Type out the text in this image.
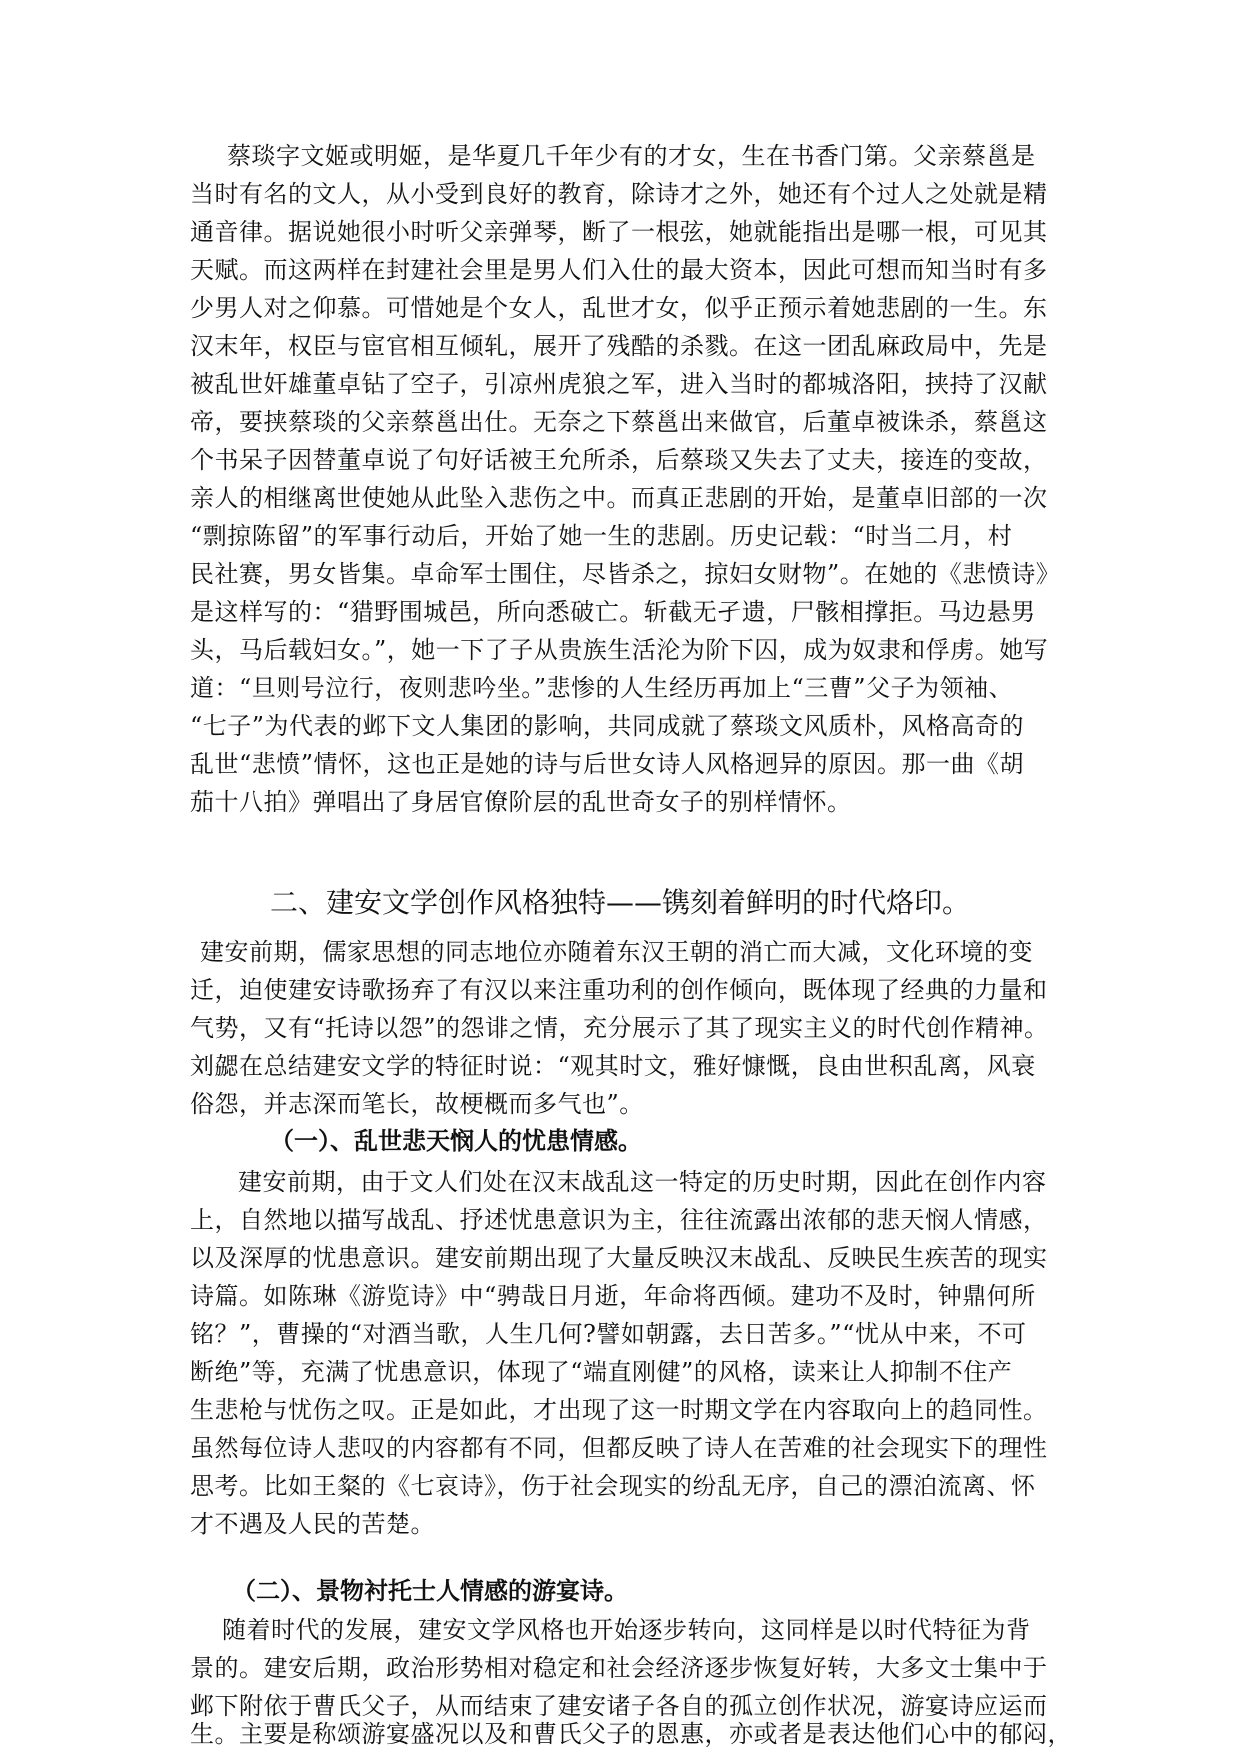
蔡琰字文姬或明姬，是华夏几千年少有的才女，生在书香门第。父亲蔡邕是
当时有名的文人，从小受到良好的教育，除诗才之外，她还有个过人之处就是精
通音律。据说她很小时听父亲弹琴，断了一根弦，她就能指出是哪一根，可见其
天赋。而这两样在封建社会里是男人们入仕的最大资本，因此可想而知当时有多
少男人对之仰慕。可惜她是个女人，乱世才女，似乎正预示着她悲剧的一生。东
汉末年，权臣与宦官相互倾轧，展开了残酷的杀戮。在这一团乱麻政局中，先是
被乱世奸雄董卓钻了空子，引凉州虎狼之军，进入当时的都城洛阳，挟持了汉献
帝，要挟蔡琰的父亲蔡邕出仕。无奈之下蔡邕出来做官，后董卓被诛杀，蔡邕这
个书呆子因替董卓说了句好话被王允所杀，后蔡琰又失去了丈夫，接连的变故，
亲人的相继离世使她从此坠入悲伤之中。而真正悲剧的开始，是董卓旧部的一次
“剽掠陈留”的军事行动后，开始了她一生的悲剧。历史记载：“时当二月，村
民社赛，男女皆集。卓命军士围住，尽皆杀之，掠妇女财物”。在她的《悲愤诗》
是这样写的：“猎野围城邑，所向悉破亡。斩截无孑遗，尸骸相撑拒。马边悬男
头，马后载妇女。”，她一下了子从贵族生活沦为阶下囚，成为奴隶和俘虏。她写
道：“旦则号泣行，夜则悲吟坐。”悲惨的人生经历再加上“三曹”父子为领袖、
“七子”为代表的邺下文人集团的影响，共同成就了蔡琰文风质朴，风格高奇的
乱世“悲愤”情怀，这也正是她的诗与后世女诗人风格迥异的原因。那一曲《胡
茄十八拍》弹唱出了身居官僚阶层的乱世奇女子的别样情怀。
二、建安文学创作风格独特——镌刻着鲜明的时代烙印。
建安前期，儒家思想的同志地位亦随着东汉王朝的消亡而大减，文化环境的变
迁，迫使建安诗歌扬弃了有汉以来注重功利的创作倾向，既体现了经典的力量和
气势，又有“托诗以怨”的怨诽之情，充分展示了其了现实主义的时代创作精神。
刘勰在总结建安文学的特征时说：“观其时文，雅好慷慨，良由世积乱离，风衰
俗怨，并志深而笔长，故梗概而多气也”。
（一）、乱世悲天悯人的忧患情感。
建安前期，由于文人们处在汉末战乱这一特定的历史时期，因此在创作内容
上，自然地以描写战乱、抒述忧患意识为主，往往流露出浓郁的悲天悯人情感，
以及深厚的忧患意识。建安前期出现了大量反映汉末战乱、反映民生疾苦的现实
诗篇。如陈琳《游览诗》中“骋哉日月逝，年命将西倾。建功不及时，钟鼎何所
铭？”，曹操的“对酒当歌，人生几何?譬如朝露，去日苦多。”“忧从中来，不可
断绝”等，充满了忧患意识，体现了“端直刚健”的风格，读来让人抑制不住产
生悲枪与忧伤之叹。正是如此，才出现了这一时期文学在内容取向上的趋同性。
虽然每位诗人悲叹的内容都有不同，但都反映了诗人在苦难的社会现实下的理性
思考。比如王粲的《七哀诗》，伤于社会现实的纷乱无序，自己的漂泊流离、怀
才不遇及人民的苦楚。
（二）、景物衬托士人情感的游宴诗。
随着时代的发展，建安文学风格也开始逐步转向，这同样是以时代特征为背
景的。建安后期，政治形势相对稳定和社会经济逐步恢复好转，大多文士集中于
邺下附依于曹氏父子，从而结束了建安诸子各自的孤立创作状况，游宴诗应运而
生。主要是称颂游宴盛况以及和曹氏父子的恩惠，亦或者是表达他们心中的郁闷，
